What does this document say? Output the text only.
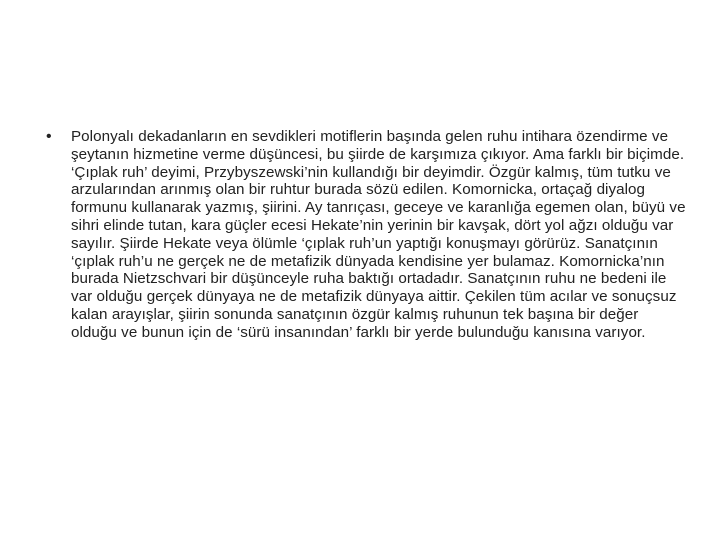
•	Polonyalı dekadanların en sevdikleri motiflerin başında gelen ruhu intihara özendirme ve şeytanın hizmetine verme düşüncesi, bu şiirde de karşımıza çıkıyor. Ama farklı bir biçimde. ‘Çıplak ruh’ deyimi, Przybyszewski’nin kullandığı bir deyimdir. Özgür kalmış, tüm tutku ve arzularından arınmış olan bir ruhtur burada sözü edilen. Komornicka, ortaçağ diyalog formunu kullanarak yazmış, şiirini. Ay tanrıçası, geceye ve karanlığa egemen olan, büyü ve sihri elinde tutan, kara güçler ecesi Hekate’nin yerinin bir kavşak, dört yol ağzı olduğu var sayılır. Şiirde Hekate veya ölümle ‘çıplak ruh’un yaptığı konuşmayı görürüz. Sanatçının ‘çıplak ruh’u ne gerçek ne de metafizik dünyada kendisine yer bulamaz. Komornicka’nın burada Nietzschvari bir düşünceyle ruha baktığı ortadadır. Sanatçının ruhu ne bedeni ile var olduğu gerçek dünyaya ne de metafizik dünyaya aittir. Çekilen tüm acılar ve sonuçsuz kalan arayışlar, şiirin sonunda sanatçının özgür kalmış ruhunun tek başına bir değer olduğu ve bunun için de ‘sürü insanından’ farklı bir yerde bulunduğu kanısına varıyor.
